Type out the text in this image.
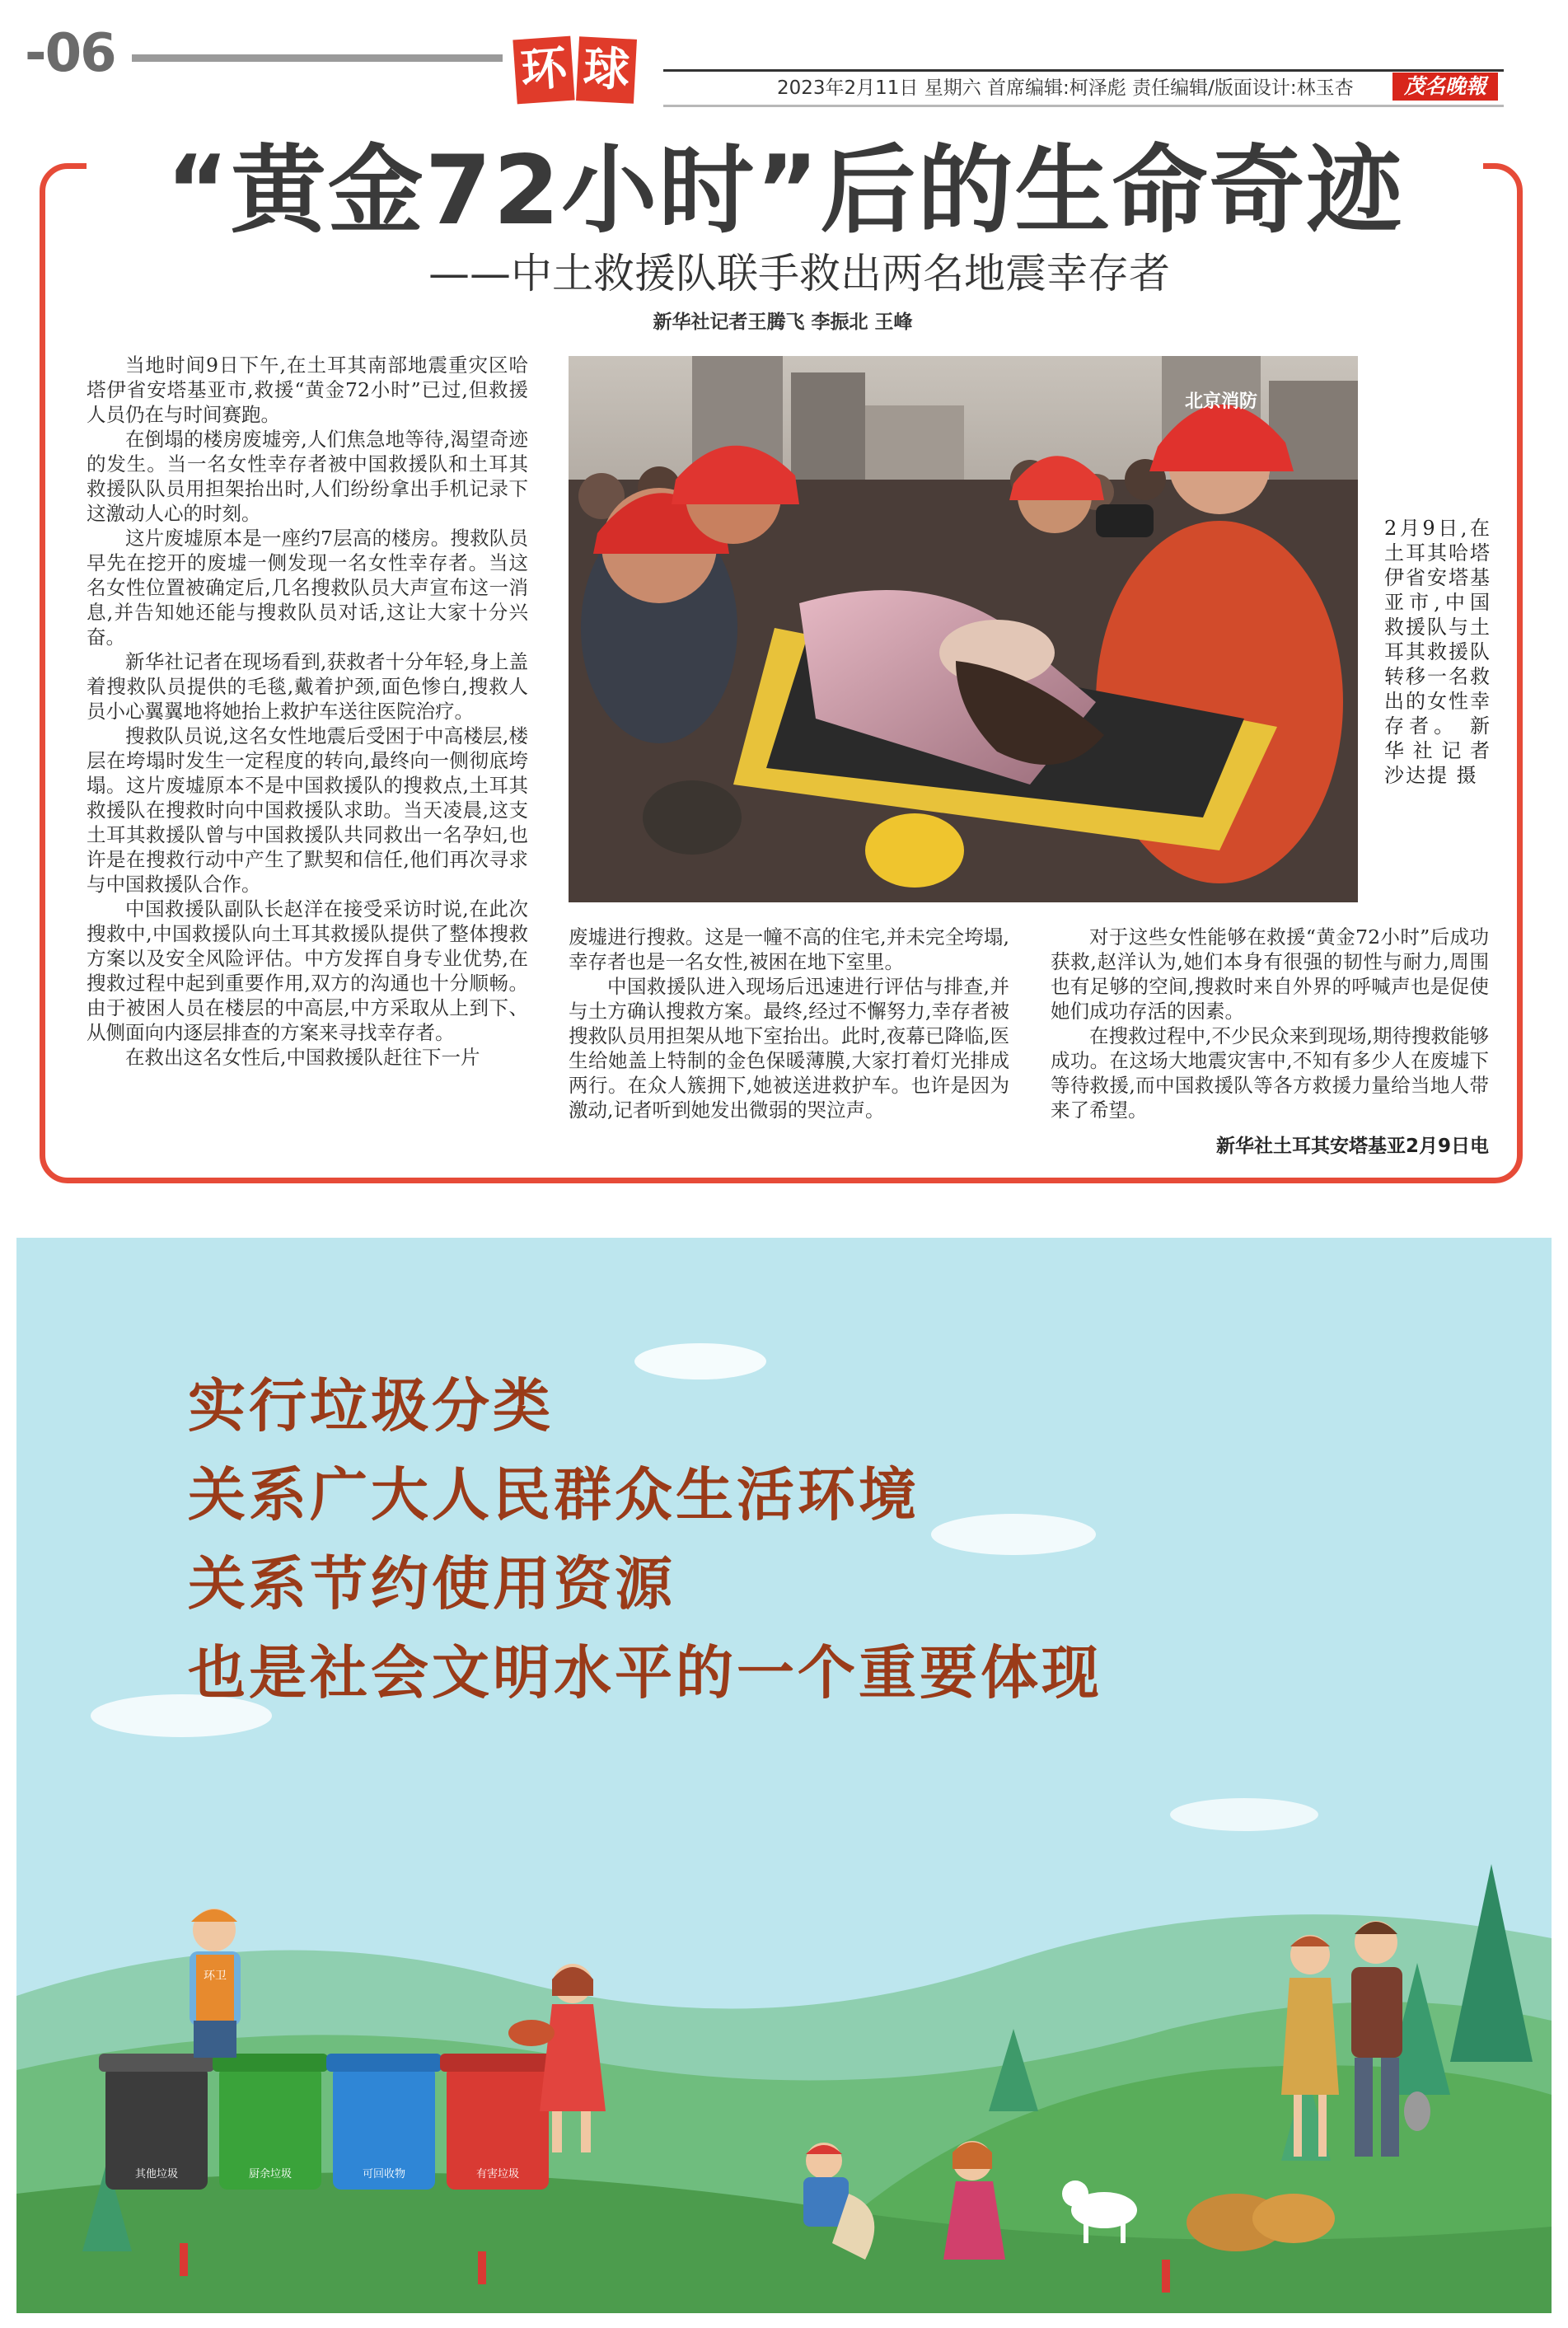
-06	环 球	2023年2月11日 星期六 首席编辑:柯泽彪 责任编辑/版面设计:林玉杏	茂名晚報
“黄金72小时”后的生命奇迹
——中土救援队联手救出两名地震幸存者
新华社记者王腾飞 李振北 王峰

当地时间9日下午,在土耳其南部地震重灾区哈塔伊省安塔基亚市,救援“黄金72小时”已过,但救援人员仍在与时间赛跑。

在倒塌的楼房废墟旁,人们焦急地等待,渴望奇迹的发生。当一名女性幸存者被中国救援队和土耳其救援队队员用担架抬出时,人们纷纷拿出手机记录下这激动人心的时刻。

这片废墟原本是一座约7层高的楼房。搜救队员早先在挖开的废墟一侧发现一名女性幸存者。当这名女性位置被确定后,几名搜救队员大声宣布这一消息,并告知她还能与搜救队员对话,这让大家十分兴奋。

新华社记者在现场看到,获救者十分年轻,身上盖着搜救队员提供的毛毯,戴着护颈,面色惨白,搜救人员小心翼翼地将她抬上救护车送往医院治疗。

搜救队员说,这名女性地震后受困于中高楼层,楼层在垮塌时发生一定程度的转向,最终向一侧彻底垮塌。这片废墟原本不是中国救援队的搜救点,土耳其救援队在搜救时向中国救援队求助。当天凌晨,这支土耳其救援队曾与中国救援队共同救出一名孕妇,也许是在搜救行动中产生了默契和信任,他们再次寻求与中国救援队合作。

中国救援队副队长赵洋在接受采访时说,在此次搜救中,中国救援队向土耳其救援队提供了整体搜救方案以及安全风险评估。中方发挥自身专业优势,在搜救过程中起到重要作用,双方的沟通也十分顺畅。由于被困人员在楼层的中高层,中方采取从上到下、从侧面向内逐层排查的方案来寻找幸存者。

在救出这名女性后,中国救援队赶往下一片

废墟进行搜救。这是一幢不高的住宅,并未完全垮塌,幸存者也是一名女性,被困在地下室里。

中国救援队进入现场后迅速进行评估与排查,并与土方确认搜救方案。最终,经过不懈努力,幸存者被搜救队员用担架从地下室抬出。此时,夜幕已降临,医生给她盖上特制的金色保暖薄膜,大家打着灯光排成两行。在众人簇拥下,她被送进救护车。也许是因为激动,记者听到她发出微弱的哭泣声。

对于这些女性能够在救援“黄金72小时”后成功获救,赵洋认为,她们本身有很强的韧性与耐力,周围也有足够的空间,搜救时来自外界的呼喊声也是促使她们成功存活的因素。

在搜救过程中,不少民众来到现场,期待搜救能够成功。在这场大地震灾害中,不知有多少人在废墟下等待救援,而中国救援队等各方救援力量给当地人带来了希望。

新华社土耳其安塔基亚2月9日电
北京消防
2月9日,在土耳其哈塔伊省安塔基亚市,中国救援队与土耳其救援队转移一名救出的女性幸存者。 新华社记者 沙达提 摄
其他垃圾	厨余垃圾	可回收物	有害垃圾
环卫
实行垃圾分类
关系广大人民群众生活环境
关系节约使用资源
也是社会文明水平的一个重要体现
